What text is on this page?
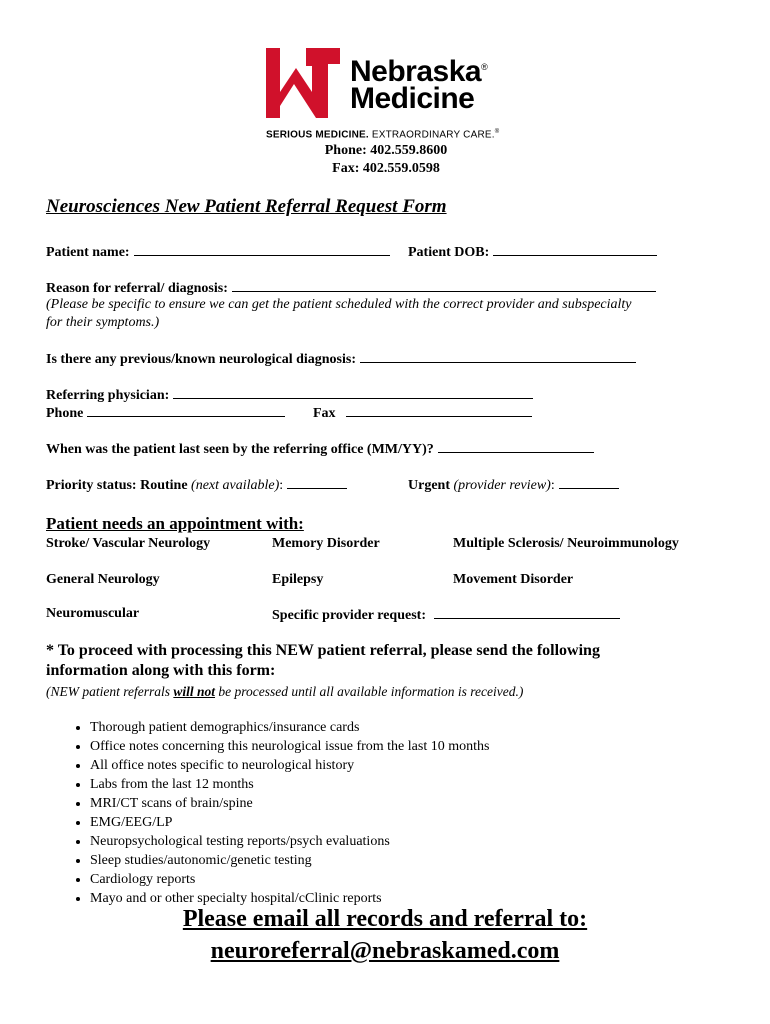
Nebraska®
Medicine
SERIOUS MEDICINE. EXTRAORDINARY CARE.®
Phone: 402.559.8600
Fax: 402.559.0598
Neurosciences New Patient Referral Request Form
Patient name:	Patient DOB:
Reason for referral/ diagnosis:
(Please be specific to ensure we can get the patient scheduled with the correct provider and subspecialty
for their symptoms.)
Is there any previous/known neurological diagnosis:
Referring physician:
Phone	Fax
When was the patient last seen by the referring office (MM/YY)?
Priority status: Routine (next available):	Urgent (provider review):
Patient needs an appointment with:
Stroke/ Vascular Neurology	Memory Disorder	Multiple Sclerosis/ Neuroimmunology
General Neurology	Epilepsy	Movement Disorder
Neuromuscular	Specific provider request:
* To proceed with processing this NEW patient referral, please send the following
information along with this form:
(NEW patient referrals will not be processed until all available information is received.)
• Thorough patient demographics/insurance cards
• Office notes concerning this neurological issue from the last 10 months
• All office notes specific to neurological history
• Labs from the last 12 months
• MRI/CT scans of brain/spine
• EMG/EEG/LP
• Neuropsychological testing reports/psych evaluations
• Sleep studies/autonomic/genetic testing
• Cardiology reports
• Mayo and or other specialty hospital/cClinic reports
Please email all records and referral to:
neuroreferral@nebraskamed.com
